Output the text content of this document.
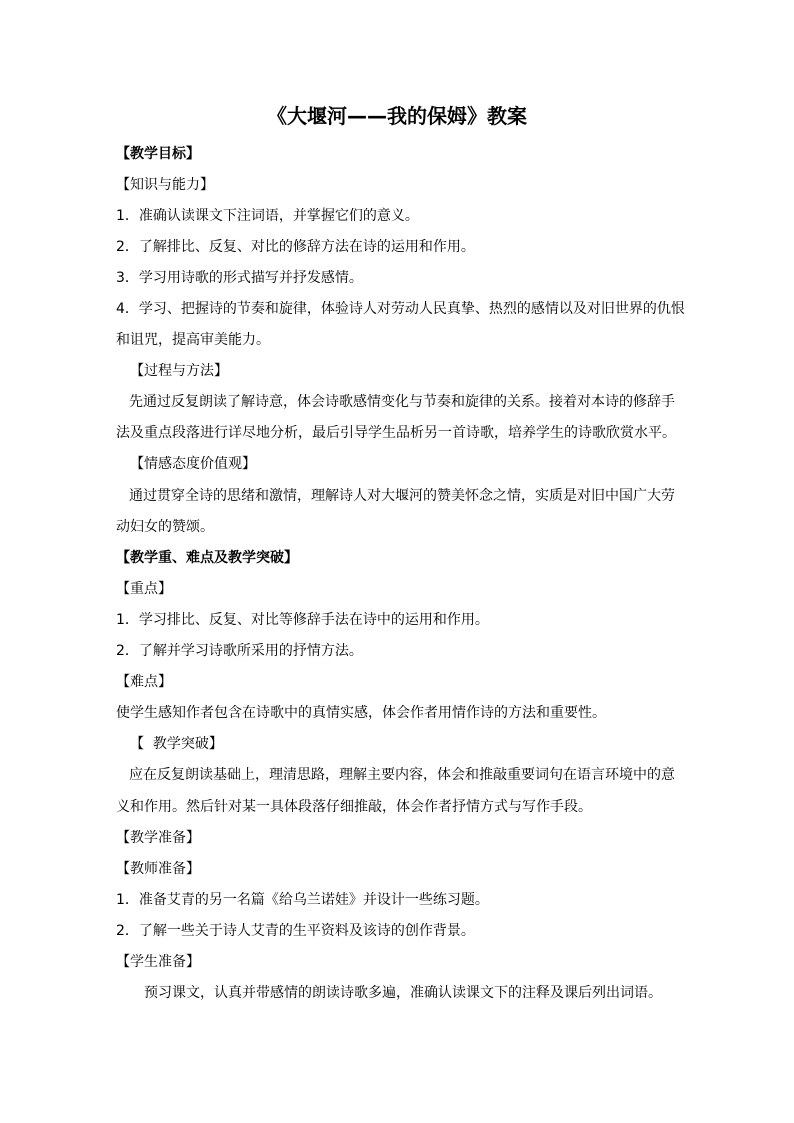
《大堰河——我的保姆》教案
【教学目标】
【知识与能力】
1．准确认读课文下注词语，并掌握它们的意义。
2．了解排比、反复、对比的修辞方法在诗的运用和作用。
3．学习用诗歌的形式描写并抒发感情。
4．学习、把握诗的节奏和旋律，体验诗人对劳动人民真挚、热烈的感情以及对旧世界的仇恨
和诅咒，提高审美能力。
【过程与方法】
先通过反复朗读了解诗意，体会诗歌感情变化与节奏和旋律的关系。接着对本诗的修辞手
法及重点段落进行详尽地分析，最后引导学生品析另一首诗歌，培养学生的诗歌欣赏水平。
【情感态度价值观】
通过贯穿全诗的思绪和激情，理解诗人对大堰河的赞美怀念之情，实质是对旧中国广大劳
动妇女的赞颂。
【教学重、难点及教学突破】
【重点】
1．学习排比、反复、对比等修辞手法在诗中的运用和作用。
2．了解并学习诗歌所采用的抒情方法。
【难点】
使学生感知作者包含在诗歌中的真情实感，体会作者用情作诗的方法和重要性。
【  教学突破】
应在反复朗读基础上，理清思路，理解主要内容，体会和推敲重要词句在语言环境中的意
义和作用。然后针对某一具体段落仔细推敲，体会作者抒情方式与写作手段。
【教学准备】
【教师准备】
1．准备艾青的另一名篇《给乌兰诺娃》并设计一些练习题。
2．了解一些关于诗人艾青的生平资料及该诗的创作背景。
【学生准备】
预习课文，认真并带感情的朗读诗歌多遍，准确认读课文下的注释及课后列出词语。
